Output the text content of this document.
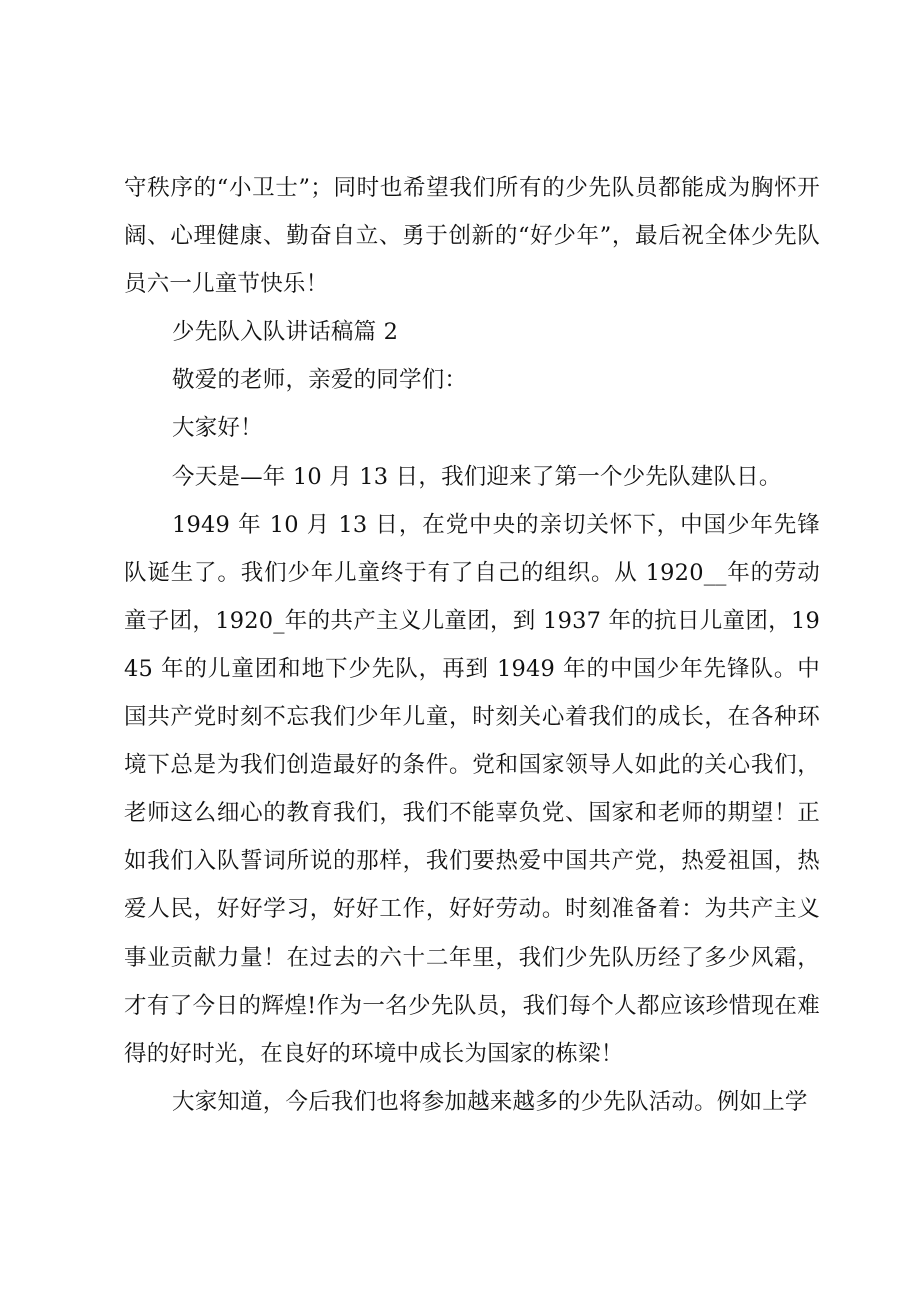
守秩序的“小卫士”；同时也希望我们所有的少先队员都能成为胸怀开阔、心理健康、勤奋自立、勇于创新的“好少年”，最后祝全体少先队员六一儿童节快乐！

少先队入队讲话稿篇 2

敬爱的老师，亲爱的同学们：

大家好！

今天是—年 10 月 13 日，我们迎来了第一个少先队建队日。

1949 年 10 月 13 日，在党中央的亲切关怀下，中国少年先锋队诞生了。我们少年儿童终于有了自己的组织。从 1920__年的劳动童子团，1920_年的共产主义儿童团，到 1937 年的抗日儿童团，1945 年的儿童团和地下少先队，再到 1949 年的中国少年先锋队。中国共产党时刻不忘我们少年儿童，时刻关心着我们的成长，在各种环境下总是为我们创造最好的条件。党和国家领导人如此的关心我们，老师这么细心的教育我们，我们不能辜负党、国家和老师的期望！正如我们入队誓词所说的那样，我们要热爱中国共产党，热爱祖国，热爱人民，好好学习，好好工作，好好劳动。时刻准备着：为共产主义事业贡献力量！在过去的六十二年里，我们少先队历经了多少风霜，才有了今日的辉煌!作为一名少先队员，我们每个人都应该珍惜现在难得的好时光，在良好的环境中成长为国家的栋梁！

大家知道，今后我们也将参加越来越多的少先队活动。例如上学
